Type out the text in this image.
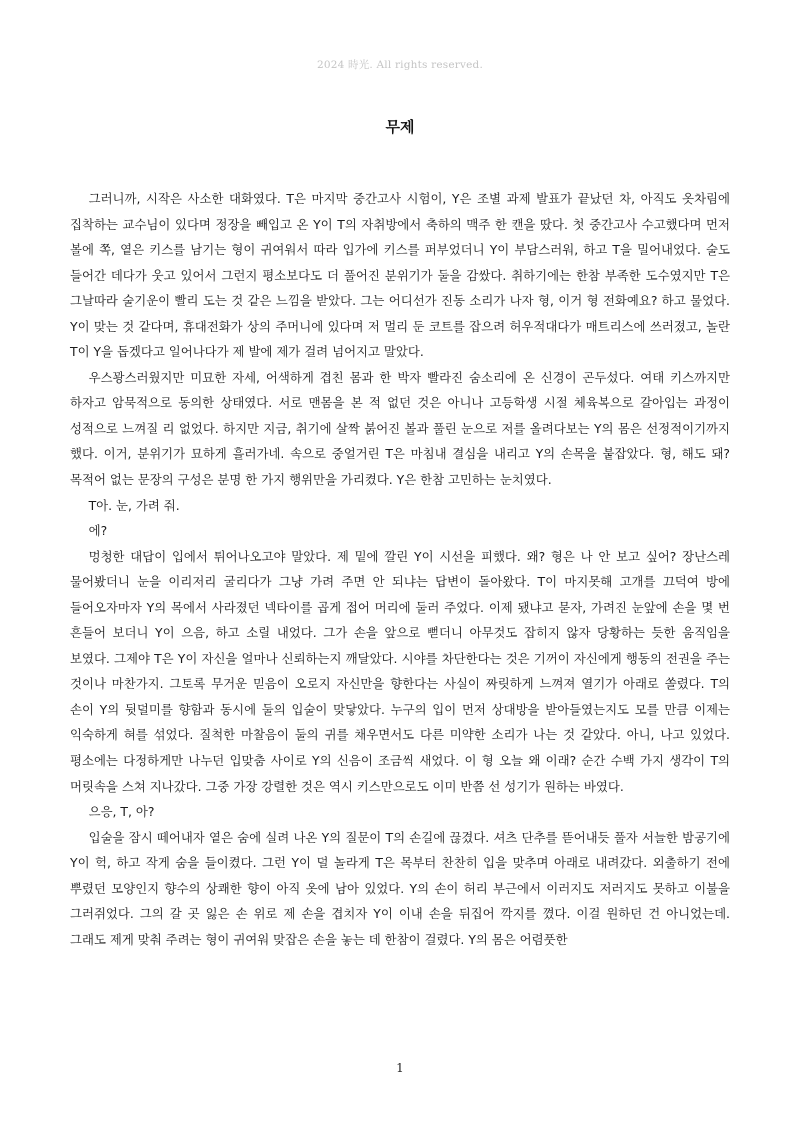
2024 時光. All rights reserved.
무제

그러니까, 시작은 사소한 대화였다. T은 마지막 중간고사 시험이, Y은 조별 과제 발표가 끝났던 차, 아직도 옷차림에 집착하는 교수님이 있다며 정장을 빼입고 온 Y이 T의 자취방에서 축하의 맥주 한 캔을 땄다. 첫 중간고사 수고했다며 먼저 볼에 쪽, 옅은 키스를 남기는 형이 귀여워서 따라 입가에 키스를 퍼부었더니 Y이 부담스러워, 하고 T을 밀어내었다. 술도 들어간 데다가 웃고 있어서 그런지 평소보다도 더 풀어진 분위기가 둘을 감쌌다. 취하기에는 한참 부족한 도수였지만 T은 그날따라 술기운이 빨리 도는 것 같은 느낌을 받았다. 그는 어디선가 진동 소리가 나자 형, 이거 형 전화예요? 하고 물었다. Y이 맞는 것 같다며, 휴대전화가 상의 주머니에 있다며 저 멀리 둔 코트를 잡으려 허우적대다가 매트리스에 쓰러졌고, 놀란 T이 Y을 돕겠다고 일어나다가 제 발에 제가 걸려 넘어지고 말았다.

우스꽝스러웠지만 미묘한 자세, 어색하게 겹친 몸과 한 박자 빨라진 숨소리에 온 신경이 곤두섰다. 여태 키스까지만 하자고 암묵적으로 동의한 상태였다. 서로 맨몸을 본 적 없던 것은 아니나 고등학생 시절 체육복으로 갈아입는 과정이 성적으로 느껴질 리 없었다. 하지만 지금, 취기에 살짝 붉어진 볼과 풀린 눈으로 저를 올려다보는 Y의 몸은 선정적이기까지 했다. 이거, 분위기가 묘하게 흘러가네. 속으로 중얼거린 T은 마침내 결심을 내리고 Y의 손목을 붙잡았다. 형, 해도 돼? 목적어 없는 문장의 구성은 분명 한 가지 행위만을 가리켰다. Y은 한참 고민하는 눈치였다.

T아. 눈, 가려 줘.

에?

멍청한 대답이 입에서 튀어나오고야 말았다. 제 밑에 깔린 Y이 시선을 피했다. 왜? 형은 나 안 보고 싶어? 장난스레 물어봤더니 눈을 이리저리 굴리다가 그냥 가려 주면 안 되냐는 답변이 돌아왔다. T이 마지못해 고개를 끄덕여 방에 들어오자마자 Y의 목에서 사라졌던 넥타이를 곱게 접어 머리에 둘러 주었다. 이제 됐냐고 묻자, 가려진 눈앞에 손을 몇 번 흔들어 보더니 Y이 으음, 하고 소릴 내었다. 그가 손을 앞으로 뻗더니 아무것도 잡히지 않자 당황하는 듯한 움직임을 보였다. 그제야 T은 Y이 자신을 얼마나 신뢰하는지 깨달았다. 시야를 차단한다는 것은 기꺼이 자신에게 행동의 전권을 주는 것이나 마찬가지. 그토록 무거운 믿음이 오로지 자신만을 향한다는 사실이 짜릿하게 느껴져 열기가 아래로 쏠렸다. T의 손이 Y의 뒷덜미를 향함과 동시에 둘의 입술이 맞닿았다. 누구의 입이 먼저 상대방을 받아들였는지도 모를 만큼 이제는 익숙하게 혀를 섞었다. 질척한 마찰음이 둘의 귀를 채우면서도 다른 미약한 소리가 나는 것 같았다. 아니, 나고 있었다. 평소에는 다정하게만 나누던 입맞춤 사이로 Y의 신음이 조금씩 새었다. 이 형 오늘 왜 이래? 순간 수백 가지 생각이 T의 머릿속을 스쳐 지나갔다. 그중 가장 강렬한 것은 역시 키스만으로도 이미 반쯤 선 성기가 원하는 바였다.

으응, T, 아?

입술을 잠시 떼어내자 옅은 숨에 실려 나온 Y의 질문이 T의 손길에 끊겼다. 셔츠 단추를 뜯어내듯 풀자 서늘한 밤공기에 Y이 헉, 하고 작게 숨을 들이켰다. 그런 Y이 덜 놀라게 T은 목부터 찬찬히 입을 맞추며 아래로 내려갔다. 외출하기 전에 뿌렸던 모양인지 향수의 상쾌한 향이 아직 옷에 남아 있었다. Y의 손이 허리 부근에서 이러지도 저러지도 못하고 이불을 그러쥐었다. 그의 갈 곳 잃은 손 위로 제 손을 겹치자 Y이 이내 손을 뒤집어 깍지를 꼈다. 이걸 원하던 건 아니었는데. 그래도 제게 맞춰 주려는 형이 귀여워 맞잡은 손을 놓는 데 한참이 걸렸다. Y의 몸은 어렴풋한

1
